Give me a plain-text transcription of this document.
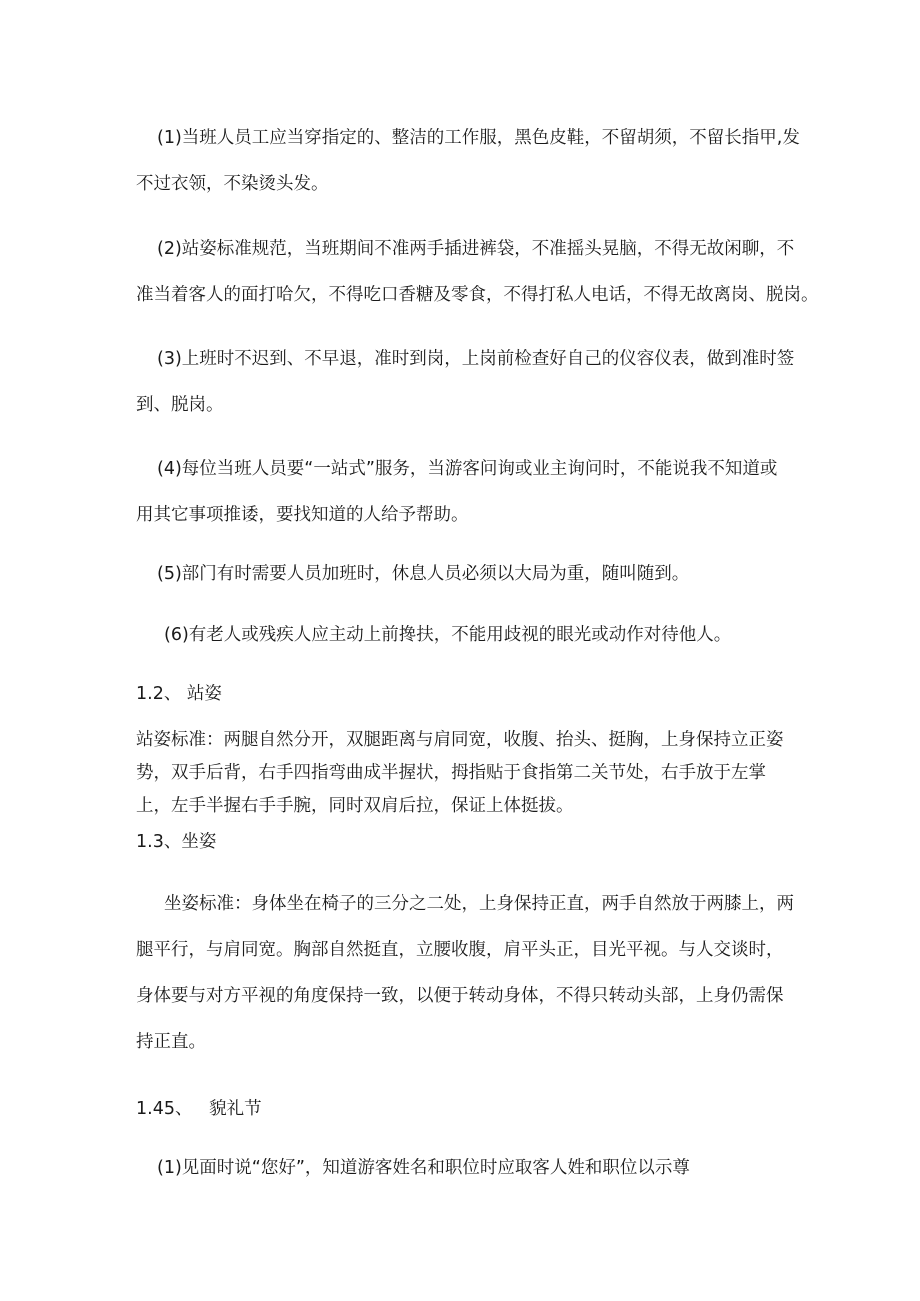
(1)当班人员工应当穿指定的、整洁的工作服，黑色皮鞋，不留胡须，不留长指甲,发
不过衣领，不染烫头发。
(2)站姿标准规范，当班期间不准两手插进裤袋，不准摇头晃脑，不得无故闲聊，不
准当着客人的面打哈欠，不得吃口香糖及零食，不得打私人电话，不得无故离岗、脱岗。
(3)上班时不迟到、不早退，准时到岗，上岗前检查好自己的仪容仪表，做到准时签
到、脱岗。
(4)每位当班人员要“一站式”服务，当游客问询或业主询问时，不能说我不知道或
用其它事项推诿，要找知道的人给予帮助。
(5)部门有时需要人员加班时，休息人员必须以大局为重，随叫随到。
(6)有老人或残疾人应主动上前搀扶，不能用歧视的眼光或动作对待他人。
1.2、 站姿
站姿标准：两腿自然分开，双腿距离与肩同宽，收腹、抬头、挺胸，上身保持立正姿
势，双手后背，右手四指弯曲成半握状，拇指贴于食指第二关节处，右手放于左掌
上，左手半握右手手腕，同时双肩后拉，保证上体挺拔。
1.3、坐姿
坐姿标准：身体坐在椅子的三分之二处，上身保持正直，两手自然放于两膝上，两
腿平行，与肩同宽。胸部自然挺直，立腰收腹，肩平头正，目光平视。与人交谈时，
身体要与对方平视的角度保持一致，以便于转动身体，不得只转动头部，上身仍需保
持正直。
1.45、   貌礼节
(1)见面时说“您好”，知道游客姓名和职位时应取客人姓和职位以示尊
